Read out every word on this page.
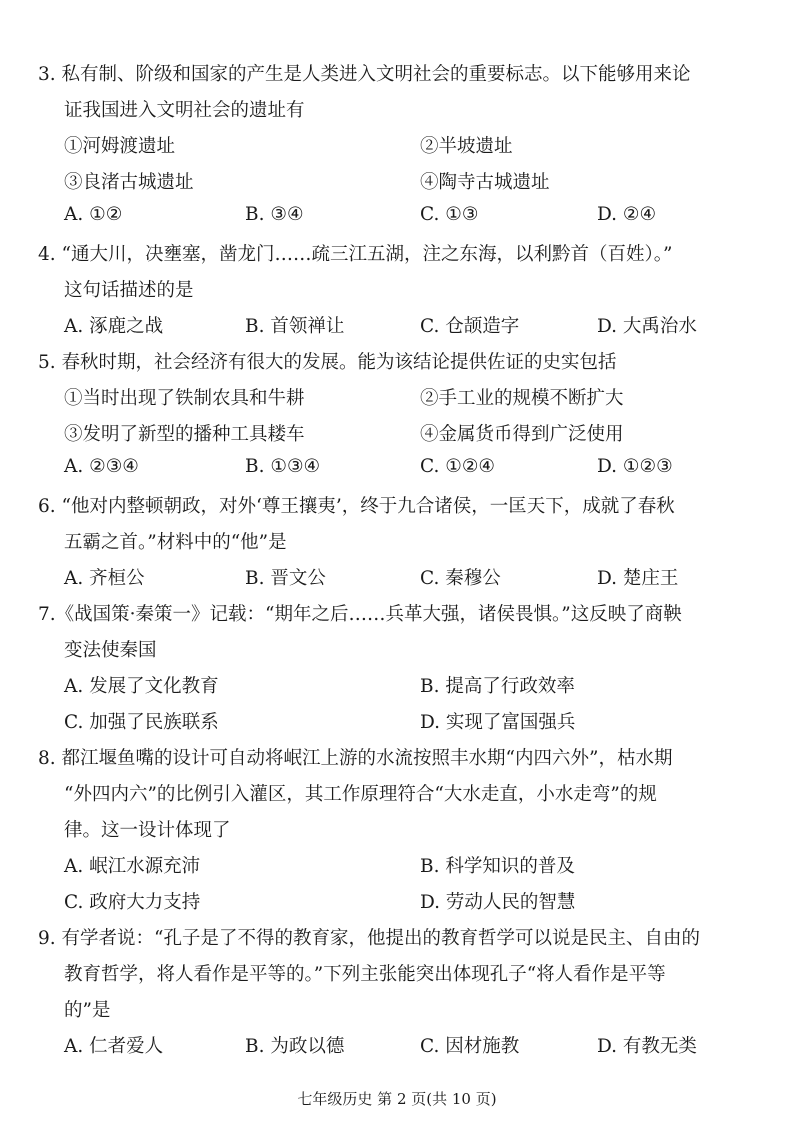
3. 私有制、阶级和国家的产生是人类进入文明社会的重要标志。以下能够用来论
证我国进入文明社会的遗址有
①河姆渡遗址	②半坡遗址
③良渚古城遗址	④陶寺古城遗址
A. ①②	B. ③④	C. ①③	D. ②④
4. “通大川，决壅塞，凿龙门……疏三江五湖，注之东海，以利黔首（百姓）。”
这句话描述的是
A. 涿鹿之战	B. 首领禅让	C. 仓颉造字	D. 大禹治水
5. 春秋时期，社会经济有很大的发展。能为该结论提供佐证的史实包括
①当时出现了铁制农具和牛耕	②手工业的规模不断扩大
③发明了新型的播种工具耧车	④金属货币得到广泛使用
A. ②③④	B. ①③④	C. ①②④	D. ①②③
6. “他对内整顿朝政，对外‘尊王攘夷’，终于九合诸侯，一匡天下，成就了春秋
五霸之首。”材料中的“他”是
A. 齐桓公	B. 晋文公	C. 秦穆公	D. 楚庄王
7.《战国策·秦策一》记载：“期年之后……兵革大强，诸侯畏惧。”这反映了商鞅
变法使秦国
A. 发展了文化教育	B. 提高了行政效率
C. 加强了民族联系	D. 实现了富国强兵
8. 都江堰鱼嘴的设计可自动将岷江上游的水流按照丰水期“内四六外”，枯水期
“外四内六”的比例引入灌区，其工作原理符合“大水走直，小水走弯”的规
律。这一设计体现了
A. 岷江水源充沛	B. 科学知识的普及
C. 政府大力支持	D. 劳动人民的智慧
9. 有学者说：“孔子是了不得的教育家，他提出的教育哲学可以说是民主、自由的
教育哲学，将人看作是平等的。”下列主张能突出体现孔子“将人看作是平等
的”是
A. 仁者爱人	B. 为政以德	C. 因材施教	D. 有教无类
七年级历史 第 2 页(共 10 页)
